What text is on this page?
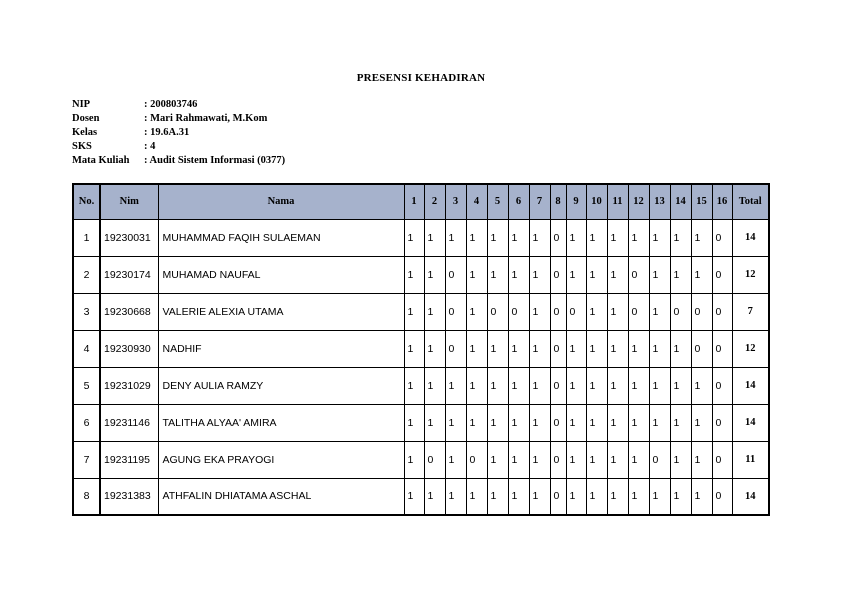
PRESENSI KEHADIRAN
NIP	: 200803746
Dosen	: Mari Rahmawati, M.Kom
Kelas	: 19.6A.31
SKS	: 4
Mata Kuliah	: Audit Sistem Informasi (0377)
No.	Nim	Nama	1	2	3	4	5	6	7	8	9	10	11	12	13	14	15	16	Total
1	19230031	MUHAMMAD FAQIH SULAEMAN	1	1	1	1	1	1	1	0	1	1	1	1	1	1	1	0	14
2	19230174	MUHAMAD NAUFAL	1	1	0	1	1	1	1	0	1	1	1	0	1	1	1	0	12
3	19230668	VALERIE ALEXIA UTAMA	1	1	0	1	0	0	1	0	0	1	1	0	1	0	0	0	7
4	19230930	NADHIF	1	1	0	1	1	1	1	0	1	1	1	1	1	1	0	0	12
5	19231029	DENY AULIA RAMZY	1	1	1	1	1	1	1	0	1	1	1	1	1	1	1	0	14
6	19231146	TALITHA ALYAA' AMIRA	1	1	1	1	1	1	1	0	1	1	1	1	1	1	1	0	14
7	19231195	AGUNG EKA PRAYOGI	1	0	1	0	1	1	1	0	1	1	1	1	0	1	1	0	11
8	19231383	ATHFALIN DHIATAMA ASCHAL	1	1	1	1	1	1	1	0	1	1	1	1	1	1	1	0	14
